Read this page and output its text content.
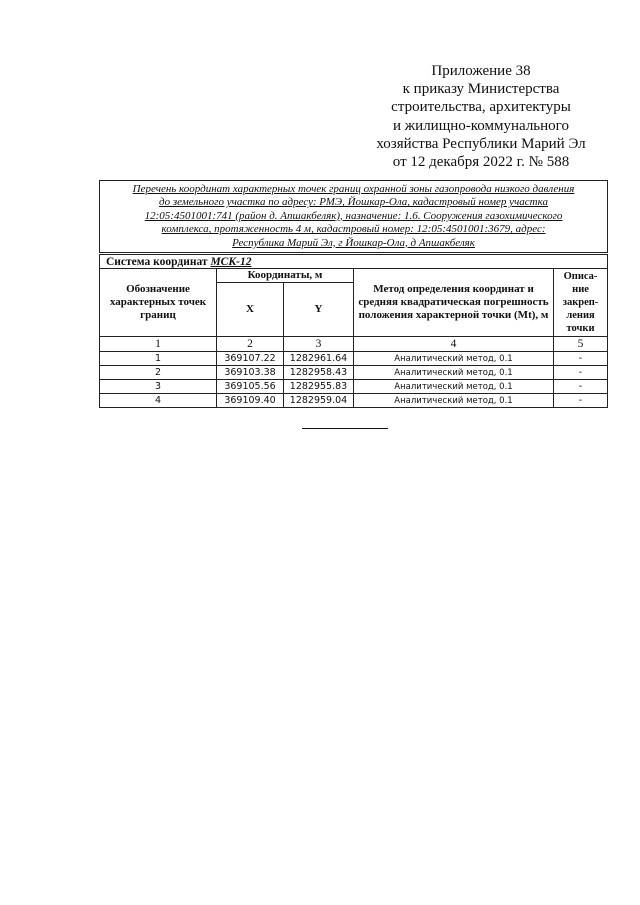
Приложение 38
к приказу Министерства
строительства, архитектуры
и жилищно-коммунального
хозяйства Республики Марий Эл
от 12 декабря 2022 г. № 588
Перечень координат характерных точек границ охранной зоны газопровода низкого давления
до земельного участка по адресу: РМЭ, Йошкар-Ола, кадастровый номер участка
12:05:4501001:741 (район д. Апшакбеляк), назначение: 1.6. Сооружения газохимического
комплекса, протяженность 4 м, кадастровый номер: 12:05:4501001:3679, адрес:
Республика Марий Эл, г Йошкар-Ола, д Апшакбеляк				

Система координат МСК-12				
Обозначение характерных точек границ	Координаты, м		Метод определения координат и средняя квадратическая погрешность положения характерной точки (Mt), м	Описа-
ние
закреп-
ления
точки

	X	Y		
1	2	3	4	5
1	369107.22	1282961.64	Аналитический метод, 0.1	-
2	369103.38	1282958.43	Аналитический метод, 0.1	-
3	369105.56	1282955.83	Аналитический метод, 0.1	-
4	369109.40	1282959.04	Аналитический метод, 0.1	-
